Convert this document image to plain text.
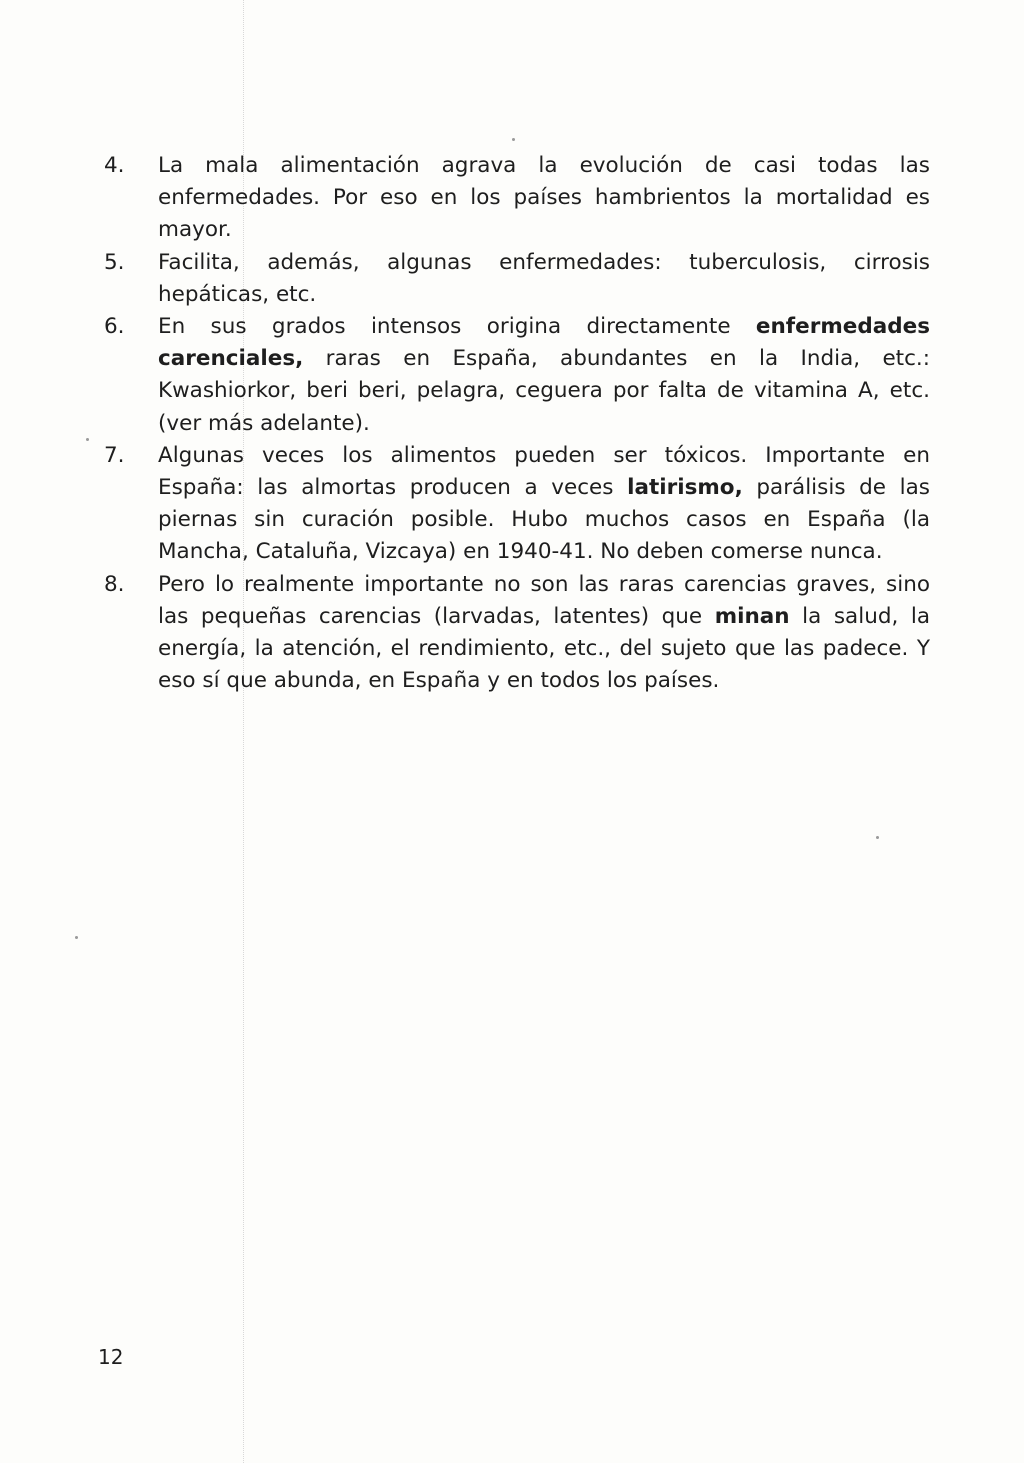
4.	La mala alimentación agrava la evolución de casi todas las enfermedades. Por eso en los países hambrientos la mortalidad es mayor.
5.	Facilita, además, algunas enfermedades: tuberculosis, cirrosis hepáticas, etc.
6.	En sus grados intensos origina directamente enfermedades carenciales, raras en España, abundantes en la India, etc.: Kwashiorkor, beri beri, pelagra, ceguera por falta de vitamina A, etc. (ver más adelante).
7.	Algunas veces los alimentos pueden ser tóxicos. Importante en España: las almortas producen a veces latirismo, parálisis de las piernas sin curación posible. Hubo muchos casos en España (la Mancha, Cataluña, Vizcaya) en 1940-41. No deben comerse nunca.
8.	Pero lo realmente importante no son las raras carencias graves, sino las pequeñas carencias (larvadas, latentes) que minan la salud, la energía, la atención, el rendimiento, etc., del sujeto que las padece. Y eso sí que abunda, en España y en todos los países.
12
